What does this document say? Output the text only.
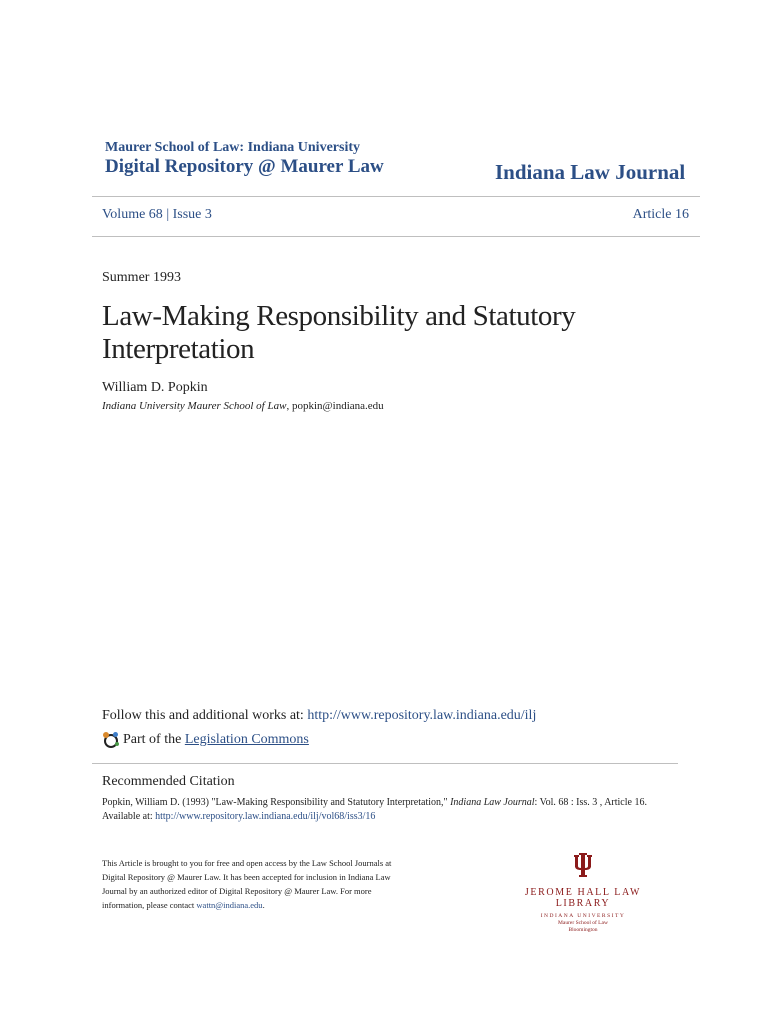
Maurer School of Law: Indiana University
Digital Repository @ Maurer Law	Indiana Law Journal
Volume 68 | Issue 3	Article 16
Summer 1993
Law-Making Responsibility and Statutory Interpretation
William D. Popkin
Indiana University Maurer School of Law, popkin@indiana.edu
Follow this and additional works at: http://www.repository.law.indiana.edu/ilj
Part of the
Legislation Commons
Recommended Citation
Popkin, William D. (1993) "Law-Making Responsibility and Statutory Interpretation," Indiana Law Journal: Vol. 68 : Iss. 3 , Article 16.
Available at: http://www.repository.law.indiana.edu/ilj/vol68/iss3/16
This Article is brought to you for free and open access by the Law School Journals at Digital Repository @ Maurer Law. It has been accepted for inclusion in Indiana Law Journal by an authorized editor of Digital Repository @ Maurer Law. For more information, please contact wattn@indiana.edu.
JEROME HALL LAW LIBRARY
INDIANA UNIVERSITY
Maurer School of Law
Bloomington
